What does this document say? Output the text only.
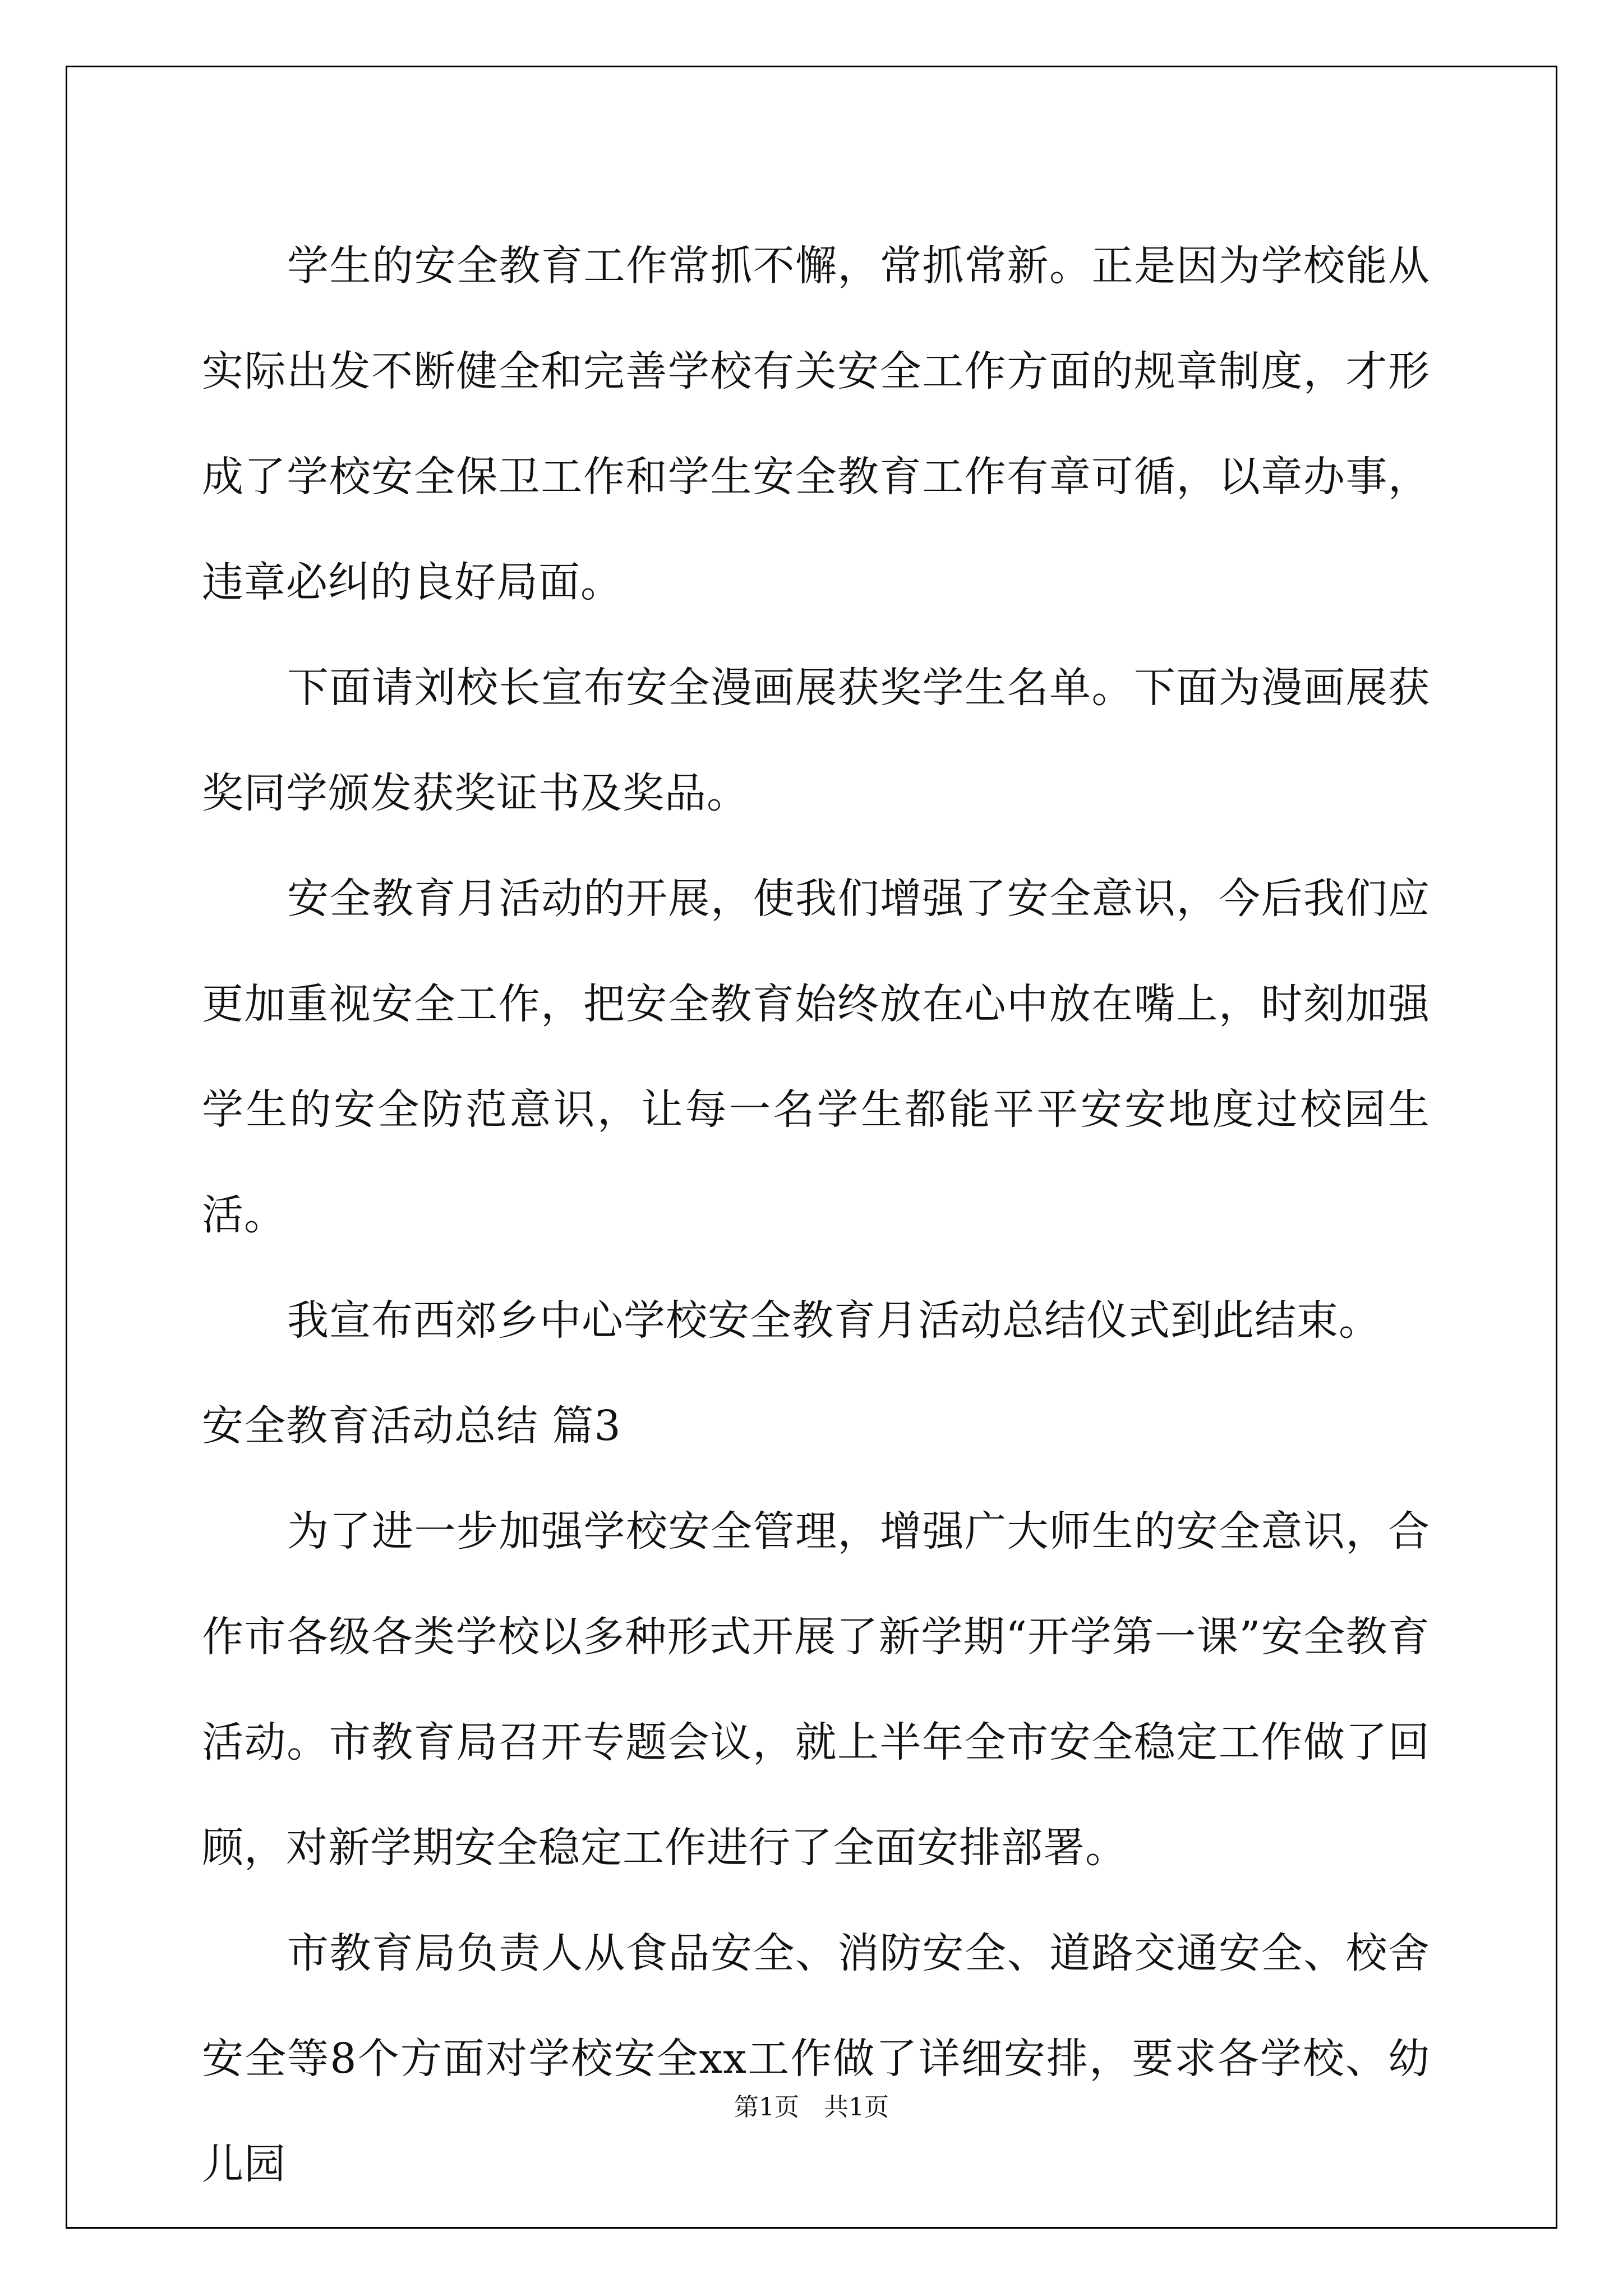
学生的安全教育工作常抓不懈，常抓常新。正是因为学校能从实际出发不断健全和完善学校有关安全工作方面的规章制度，才形成了学校安全保卫工作和学生安全教育工作有章可循，以章办事，违章必纠的良好局面。

下面请刘校长宣布安全漫画展获奖学生名单。下面为漫画展获奖同学颁发获奖证书及奖品。

安全教育月活动的开展，使我们增强了安全意识，今后我们应更加重视安全工作，把安全教育始终放在心中放在嘴上，时刻加强学生的安全防范意识，让每一名学生都能平平安安地度过校园生活。

我宣布西郊乡中心学校安全教育月活动总结仪式到此结束。

安全教育活动总结 篇3

为了进一步加强学校安全管理，增强广大师生的安全意识，合作市各级各类学校以多种形式开展了新学期“开学第一课”安全教育活动。市教育局召开专题会议，就上半年全市安全稳定工作做了回顾，对新学期安全稳定工作进行了全面安排部署。

市教育局负责人从食品安全、消防安全、道路交通安全、校舍安全等8个方面对学校安全xx工作做了详细安排，要求各学校、幼儿园

第1页　共1页
